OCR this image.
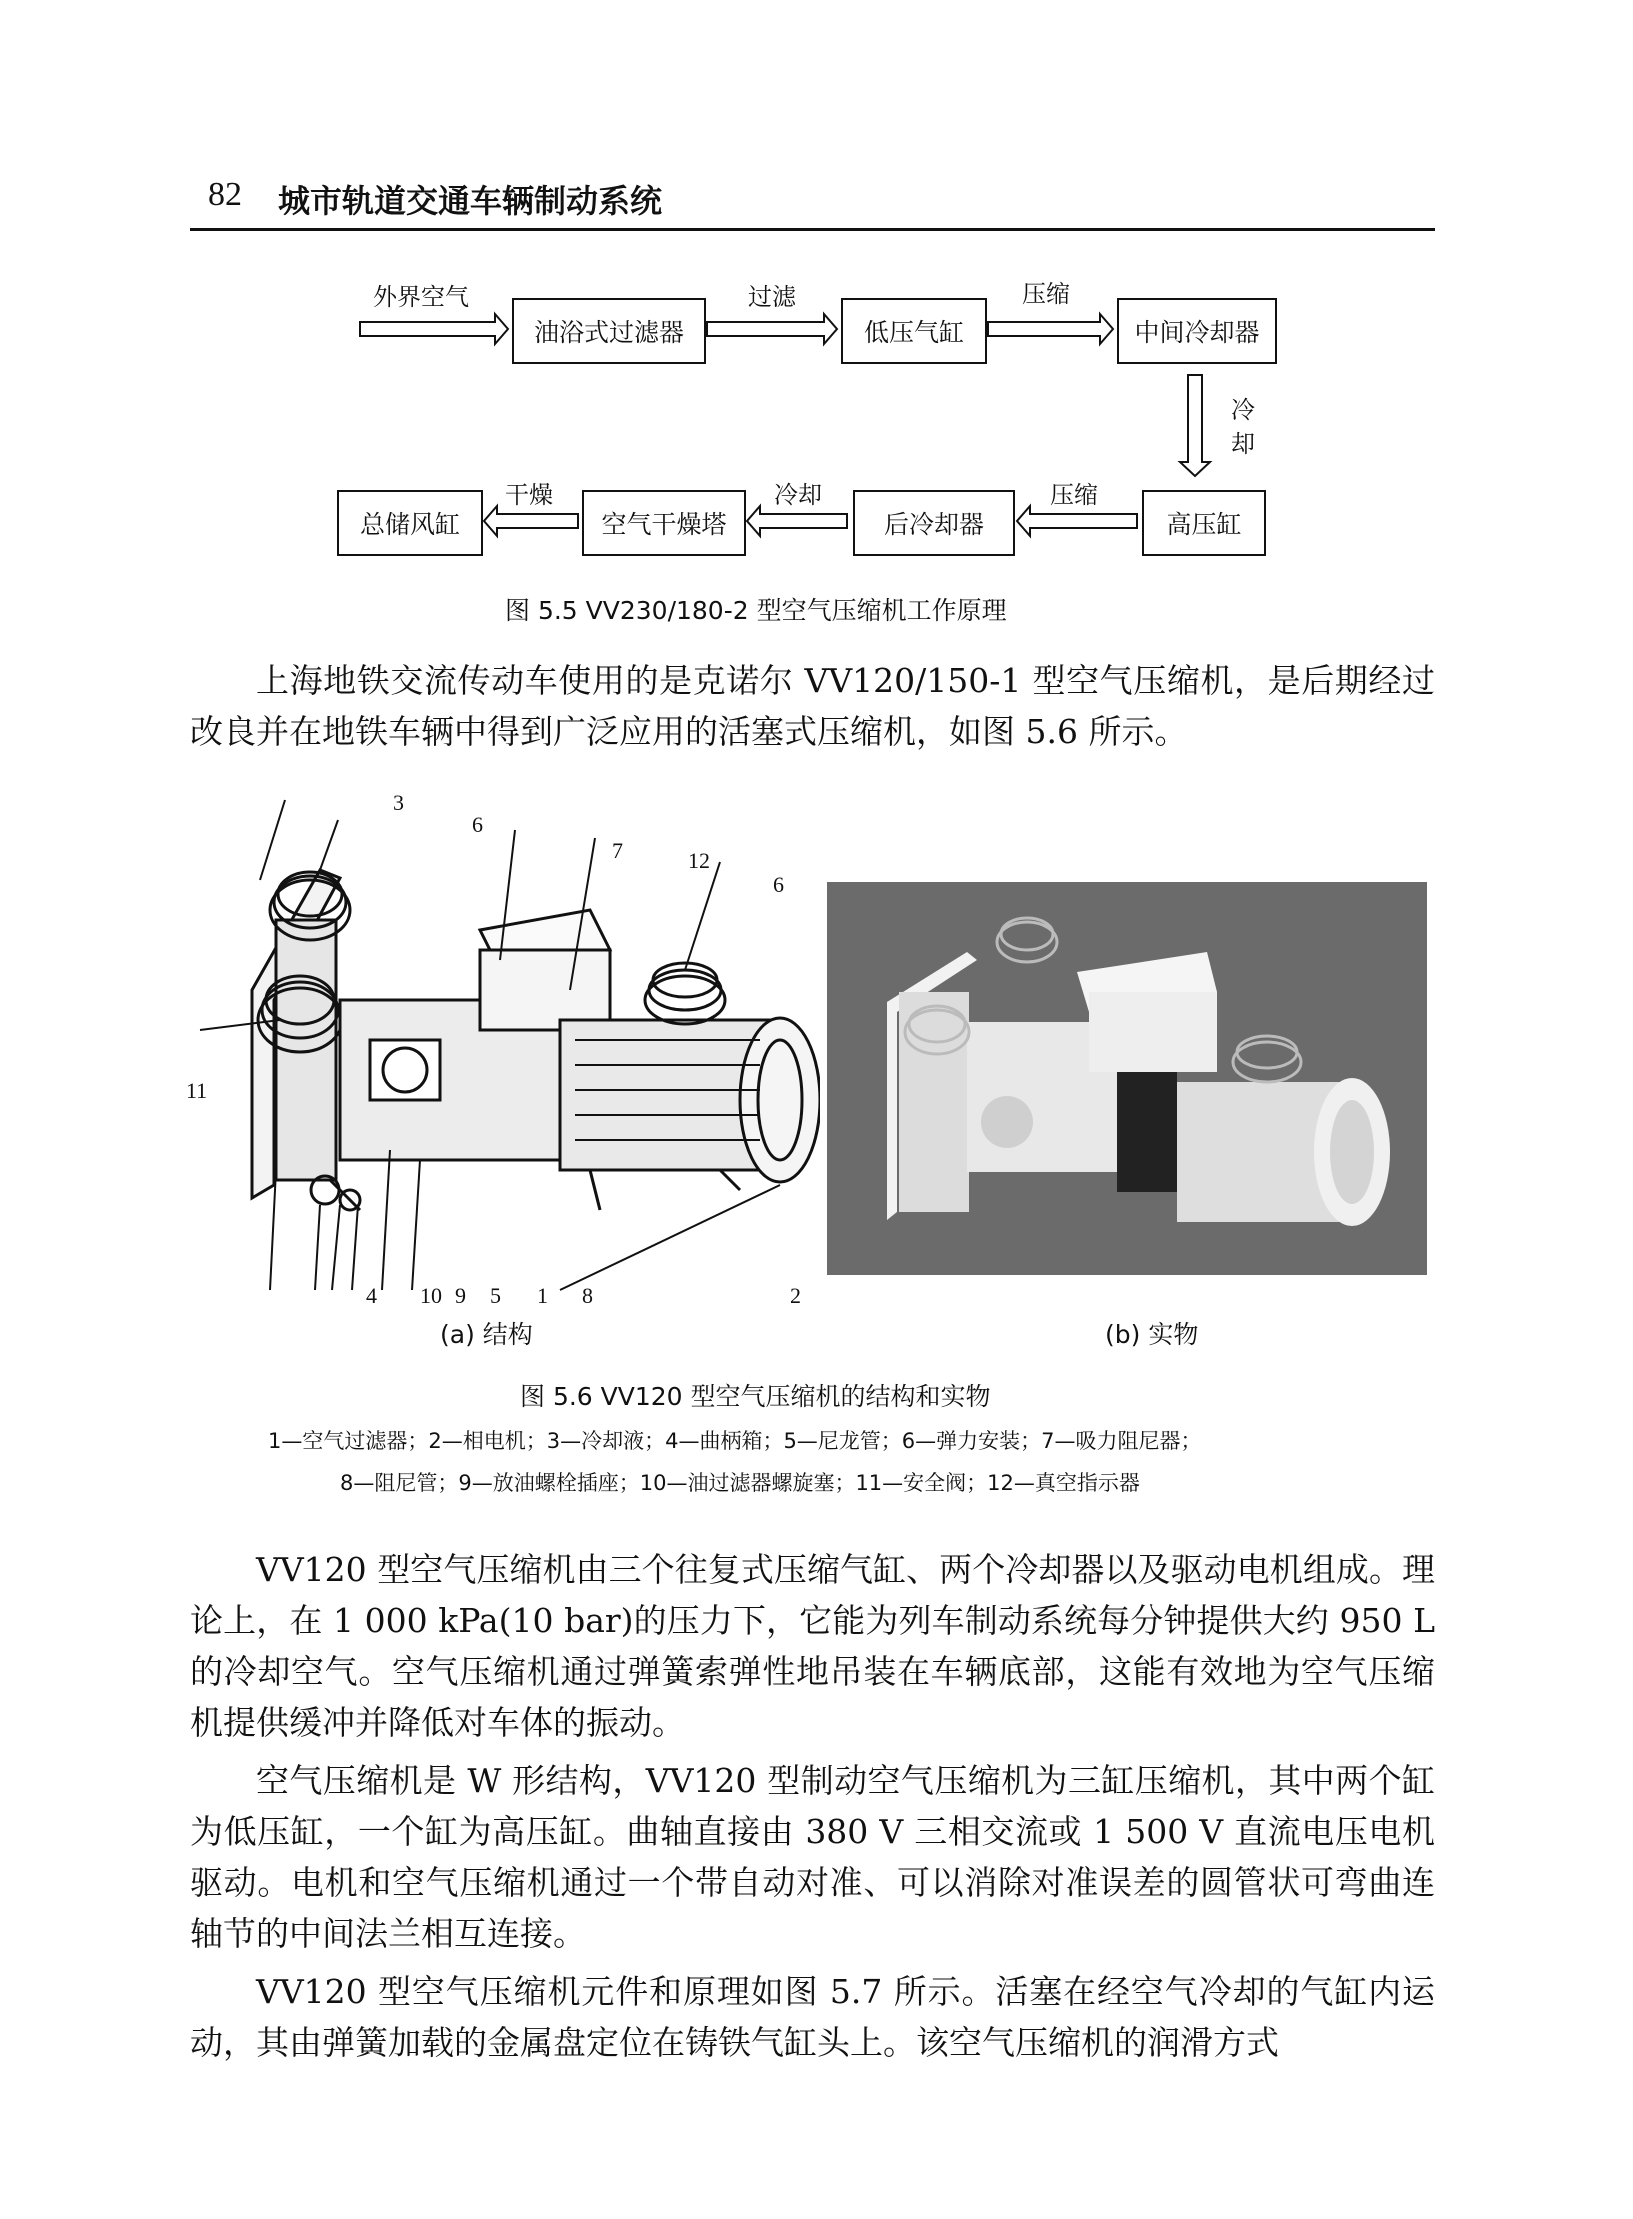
82 城市轨道交通车辆制动系统
外界空气
油浴式过滤器
过滤
低压气缸
压缩
中间冷却器
冷却
高压缸
压缩
后冷却器
冷却
空气干燥塔
干燥
总储风缸
图 5.5 VV230/180-2 型空气压缩机工作原理
上海地铁交流传动车使用的是克诺尔 VV120/150-1 型空气压缩机，是后期经过改良并在地铁车辆中得到广泛应用的活塞式压缩机，如图 5.6 所示。
3
6
7	12
6
11
4 10 9 5 1 8	2
(a) 结构	(b) 实物
图 5.6 VV120 型空气压缩机的结构和实物
1—空气过滤器；2—相电机；3—冷却液；4—曲柄箱；5—尼龙管；6—弹力安装；7—吸力阻尼器；
8—阻尼管；9—放油螺栓插座；10—油过滤器螺旋塞；11—安全阀；12—真空指示器
VV120 型空气压缩机由三个往复式压缩气缸、两个冷却器以及驱动电机组成。理论上，在 1 000 kPa(10 bar)的压力下，它能为列车制动系统每分钟提供大约 950 L 的冷却空气。空气压缩机通过弹簧索弹性地吊装在车辆底部，这能有效地为空气压缩机提供缓冲并降低对车体的振动。
空气压缩机是 W 形结构，VV120 型制动空气压缩机为三缸压缩机，其中两个缸为低压缸，一个缸为高压缸。曲轴直接由 380 V 三相交流或 1 500 V 直流电压电机驱动。电机和空气压缩机通过一个带自动对准、可以消除对准误差的圆管状可弯曲连轴节的中间法兰相互连接。
VV120 型空气压缩机元件和原理如图 5.7 所示。活塞在经空气冷却的气缸内运动，其由弹簧加载的金属盘定位在铸铁气缸头上。该空气压缩机的润滑方式
